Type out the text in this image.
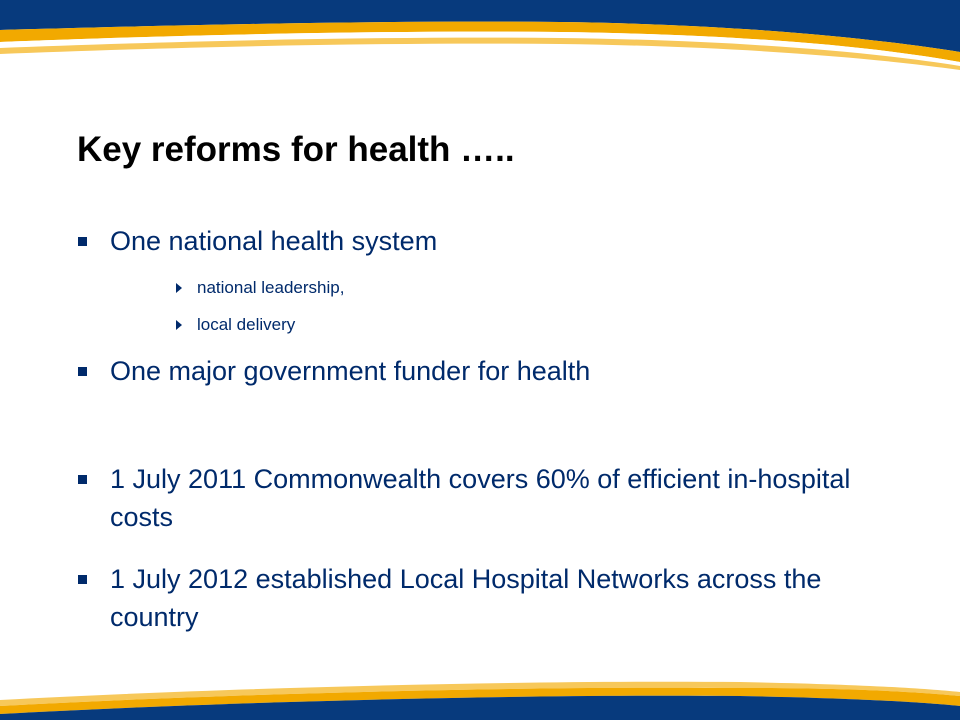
Key reforms for health …..
One national health system
national leadership,
local delivery
One major government funder for health
1 July 2011 Commonwealth covers 60% of efficient in-hospital costs
1 July 2012 established Local Hospital Networks across the country
